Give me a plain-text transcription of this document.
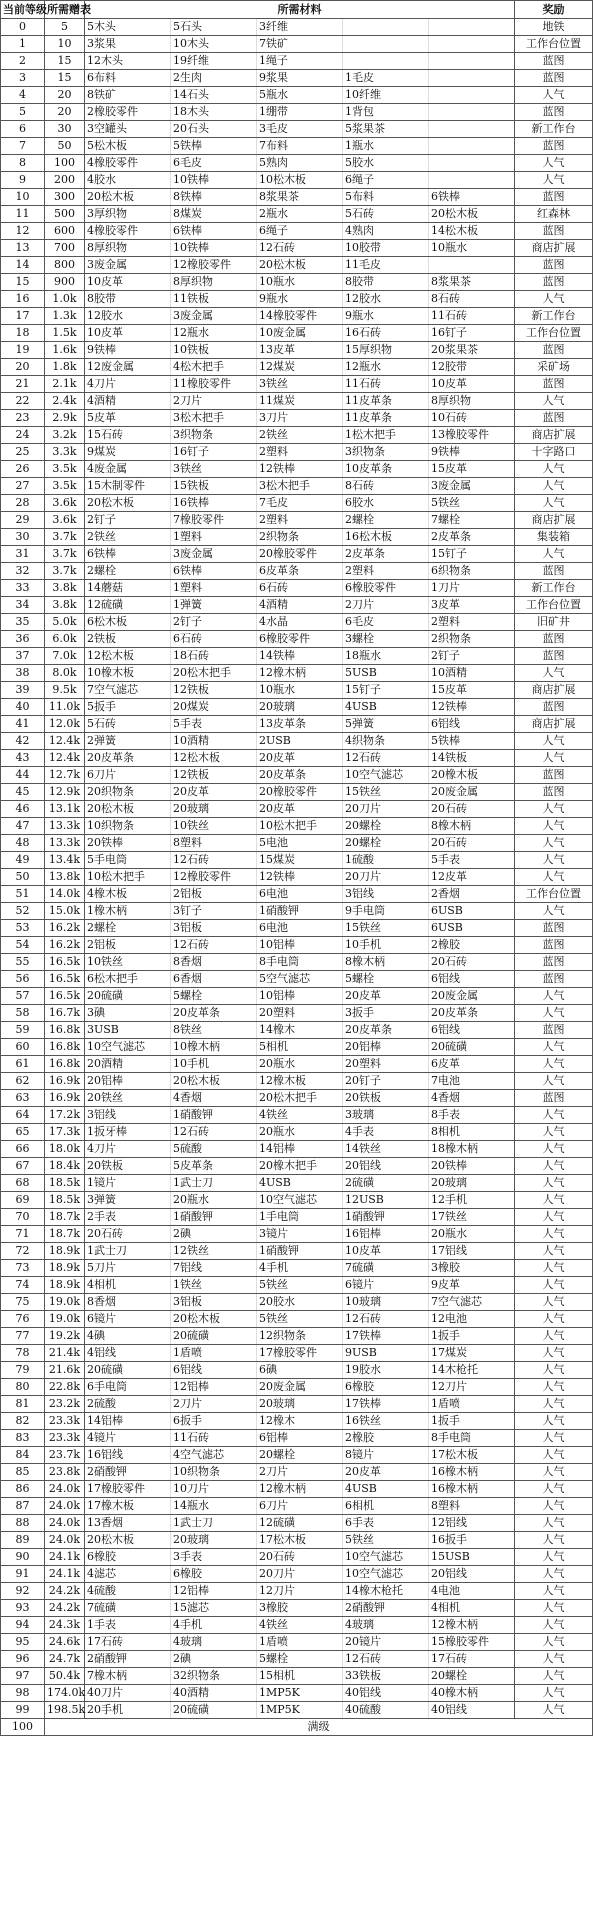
当前等级	所需赠表	所需材料					奖励
0	5	5木头	5石头	3纤维			地铁
1	10	3浆果	10木头	7铁矿			工作台位置
2	15	12木头	19纤维	1绳子			蓝图
3	15	6布料	2生肉	9浆果	1毛皮		蓝图
4	20	8铁矿	14石头	5瓶水	10纤维		人气
5	20	2橡胶零件	18木头	1绷带	1背包		蓝图
6	30	3空罐头	20石头	3毛皮	5浆果茶		新工作台
7	50	5松木板	5铁棒	7布料	1瓶水		蓝图
8	100	4橡胶零件	6毛皮	5熟肉	5胶水		人气
9	200	4胶水	10铁棒	10松木板	6绳子		人气
10	300	20松木板	8铁棒	8浆果茶	5布料	6铁棒	蓝图
11	500	3厚织物	8煤炭	2瓶水	5石砖	20松木板	红森林
12	600	4橡胶零件	6铁棒	6绳子	4熟肉	14松木板	蓝图
13	700	8厚织物	10铁棒	12石砖	10胶带	10瓶水	商店扩展
14	800	3废金属	12橡胶零件	20松木板	11毛皮		蓝图
15	900	10皮革	8厚织物	10瓶水	8胶带	8浆果茶	蓝图
16	1.0k	8胶带	11铁板	9瓶水	12胶水	8石砖	人气
17	1.3k	12胶水	3废金属	14橡胶零件	9瓶水	11石砖	新工作台
18	1.5k	10皮革	12瓶水	10废金属	16石砖	16钉子	工作台位置
19	1.6k	9铁棒	10铁板	13皮革	15厚织物	20浆果茶	蓝图
20	1.8k	12废金属	4松木把手	12煤炭	12瓶水	12胶带	采矿场
21	2.1k	4刀片	11橡胶零件	3铁丝	11石砖	10皮革	蓝图
22	2.4k	4酒精	2刀片	11煤炭	11皮革条	8厚织物	人气
23	2.9k	5皮革	3松木把手	3刀片	11皮革条	10石砖	蓝图
24	3.2k	15石砖	3织物条	2铁丝	1松木把手	13橡胶零件	商店扩展
25	3.3k	9煤炭	16钉子	2塑料	3织物条	9铁棒	十字路口
26	3.5k	4废金属	3铁丝	12铁棒	10皮革条	15皮革	人气
27	3.5k	15木制零件	15铁板	3松木把手	8石砖	3废金属	人气
28	3.6k	20松木板	16铁棒	7毛皮	6胶水	5铁丝	人气
29	3.6k	2钉子	7橡胶零件	2塑料	2螺栓	7螺栓	商店扩展
30	3.7k	2铁丝	1塑料	2织物条	16松木板	2皮革条	集装箱
31	3.7k	6铁棒	3废金属	20橡胶零件	2皮革条	15钉子	人气
32	3.7k	2螺栓	6铁棒	6皮革条	2塑料	6织物条	蓝图
33	3.8k	14蘑菇	1塑料	6石砖	6橡胶零件	1刀片	新工作台
34	3.8k	12硫磺	1弹簧	4酒精	2刀片	3皮革	工作台位置
35	5.0k	6松木板	2钉子	4水晶	6毛皮	2塑料	旧矿井
36	6.0k	2铁板	6石砖	6橡胶零件	3螺栓	2织物条	蓝图
37	7.0k	12松木板	18石砖	14铁棒	18瓶水	2钉子	蓝图
38	8.0k	10橡木板	20松木把手	12橡木柄	5USB	10酒精	人气
39	9.5k	7空气滤芯	12铁板	10瓶水	15钉子	15皮革	商店扩展
40	11.0k	5扳手	20煤炭	20玻璃	4USB	12铁棒	蓝图
41	12.0k	5石砖	5手表	13皮革条	5弹簧	6铝线	商店扩展
42	12.4k	2弹簧	10酒精	2USB	4织物条	5铁棒	人气
43	12.4k	20皮革条	12松木板	20皮革	12石砖	14铁板	人气
44	12.7k	6刀片	12铁板	20皮革条	10空气滤芯	20橡木板	蓝图
45	12.9k	20织物条	20皮革	20橡胶零件	15铁丝	20废金属	蓝图
46	13.1k	20松木板	20玻璃	20皮革	20刀片	20石砖	人气
47	13.3k	10织物条	10铁丝	10松木把手	20螺栓	8橡木柄	人气
48	13.3k	20铁棒	8塑料	5电池	20螺栓	20石砖	人气
49	13.4k	5手电筒	12石砖	15煤炭	1硫酸	5手表	人气
50	13.8k	10松木把手	12橡胶零件	12铁棒	20刀片	12皮革	人气
51	14.0k	4橡木板	2铝板	6电池	3铝线	2香烟	工作台位置
52	15.0k	1橡木柄	3钉子	1硝酸钾	9手电筒	6USB	人气
53	16.2k	2螺栓	3铝板	6电池	15铁丝	6USB	蓝图
54	16.2k	2铝板	12石砖	10铝棒	10手机	2橡胶	蓝图
55	16.5k	10铁丝	8香烟	8手电筒	8橡木柄	20石砖	蓝图
56	16.5k	6松木把手	6香烟	5空气滤芯	5螺栓	6铝线	蓝图
57	16.5k	20硫磺	5螺栓	10铝棒	20皮革	20废金属	人气
58	16.7k	3碘	20皮革条	20塑料	3扳手	20皮革条	人气
59	16.8k	3USB	8铁丝	14橡木	20皮革条	6铝线	蓝图
60	16.8k	10空气滤芯	10橡木柄	5相机	20铝棒	20硫磺	人气
61	16.8k	20酒精	10手机	20瓶水	20塑料	6皮革	人气
62	16.9k	20铝棒	20松木板	12橡木板	20钉子	7电池	人气
63	16.9k	20铁丝	4香烟	20松木把手	20铁板	4香烟	蓝图
64	17.2k	3铝线	1硝酸钾	4铁丝	3玻璃	8手表	人气
65	17.3k	1扳牙棒	12石砖	20瓶水	4手表	8相机	人气
66	18.0k	4刀片	5硫酸	14铝棒	14铁丝	18橡木柄	人气
67	18.4k	20铁板	5皮革条	20橡木把手	20铝线	20铁棒	人气
68	18.5k	1镜片	1武士刀	4USB	2硫磺	20玻璃	人气
69	18.5k	3弹簧	20瓶水	10空气滤芯	12USB	12手机	人气
70	18.7k	2手表	1硝酸钾	1手电筒	1硝酸钾	17铁丝	人气
71	18.7k	20石砖	2碘	3镜片	16铝棒	20瓶水	人气
72	18.9k	1武士刀	12铁丝	1硝酸钾	10皮革	17铝线	人气
73	18.9k	5刀片	7铝线	4手机	7硫磺	3橡胶	人气
74	18.9k	4相机	1铁丝	5铁丝	6镜片	9皮革	人气
75	19.0k	8香烟	3铝板	20胶水	10玻璃	7空气滤芯	人气
76	19.0k	6镜片	20松木板	5铁丝	12石砖	12电池	人气
77	19.2k	4碘	20硫磺	12织物条	17铁棒	1扳手	人气
78	21.4k	4铝线	1盾喷	17橡胶零件	9USB	17煤炭	人气
79	21.6k	20硫磺	6铝线	6碘	19胶水	14木枪托	人气
80	22.8k	6手电筒	12铝棒	20废金属	6橡胶	12刀片	人气
81	23.2k	2硫酸	2刀片	20玻璃	17铁棒	1盾喷	人气
82	23.3k	14铝棒	6扳手	12橡木	16铁丝	1扳手	人气
83	23.3k	4镜片	11石砖	6铝棒	2橡胶	8手电筒	人气
84	23.7k	16铝线	4空气滤芯	20螺栓	8镜片	17松木板	人气
85	23.8k	2硝酸钾	10织物条	2刀片	20皮革	16橡木柄	人气
86	24.0k	17橡胶零件	10刀片	12橡木柄	4USB	16橡木柄	人气
87	24.0k	17橡木板	14瓶水	6刀片	6相机	8塑料	人气
88	24.0k	13香烟	1武士刀	12硫磺	6手表	12铝线	人气
89	24.0k	20松木板	20玻璃	17松木板	5铁丝	16扳手	人气
90	24.1k	6橡胶	3手表	20石砖	10空气滤芯	15USB	人气
91	24.1k	4滤芯	6橡胶	20刀片	10空气滤芯	20铝线	人气
92	24.2k	4硫酸	12铝棒	12刀片	14橡木枪托	4电池	人气
93	24.2k	7硫磺	15滤芯	3橡胶	2硝酸钾	4相机	人气
94	24.3k	1手表	4手机	4铁丝	4玻璃	12橡木柄	人气
95	24.6k	17石砖	4玻璃	1盾喷	20镜片	15橡胶零件	人气
96	24.7k	2硝酸钾	2碘	5螺栓	12石砖	17石砖	人气
97	50.4k	7橡木柄	32织物条	15相机	33铁板	20螺栓	人气
98	174.0k	40刀片	40酒精	1MP5K	40铝线	40橡木柄	人气
99	198.5k	20手机	20硫磺	1MP5K	40硫酸	40铝线	人气
100	满级						
